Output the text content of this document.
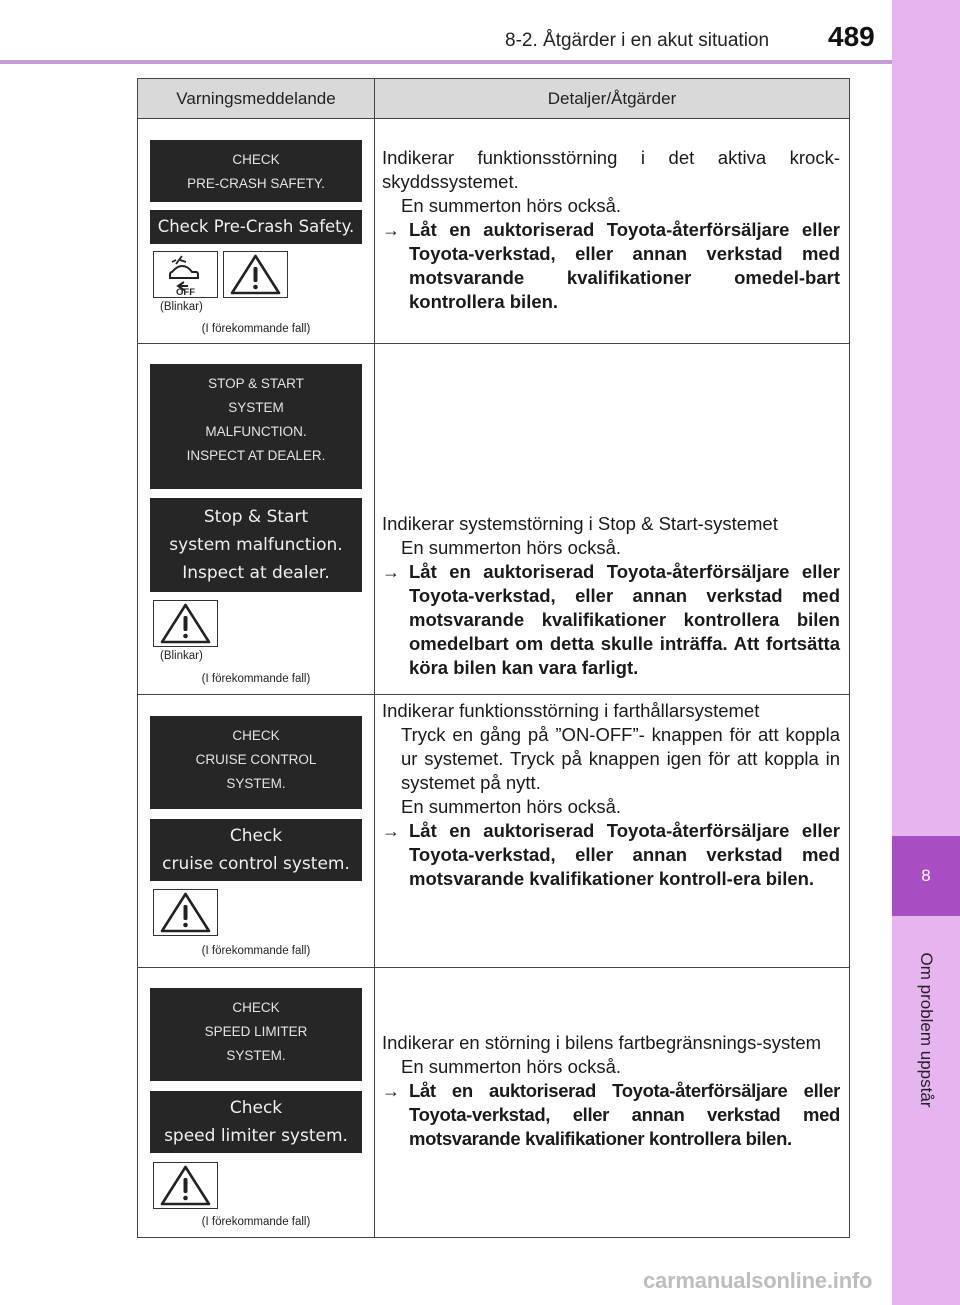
8-2. Åtgärder i en akut situation 489
8
Om problem uppstår
Varningsmeddelande	Detaljer/Åtgärder
CHECK
PRE-CRASH SAFETY.
Check Pre-Crash Safety.
OFF
(Blinkar)
(I förekommande fall)
Indikerar funktionsstörning i det aktiva krock-skyddssystemet.
En summerton hörs också.
→ Låt en auktoriserad Toyota-återförsäljare eller Toyota-verkstad, eller annan verkstad med motsvarande kvalifikationer omedel-bart kontrollera bilen.
STOP & START
SYSTEM
MALFUNCTION.
INSPECT AT DEALER.
Stop & Start
system malfunction.
Inspect at dealer.
(Blinkar)
(I förekommande fall)
Indikerar systemstörning i Stop & Start-systemet
En summerton hörs också.
→ Låt en auktoriserad Toyota-återförsäljare eller Toyota-verkstad, eller annan verkstad med motsvarande kvalifikationer kontrollera bilen omedelbart om detta skulle inträffa. Att fortsätta köra bilen kan vara farligt.
CHECK
CRUISE CONTROL
SYSTEM.
Check
cruise control system.
(I förekommande fall)
Indikerar funktionsstörning i farthållarsystemet
Tryck en gång på ”ON-OFF”- knappen för att koppla ur systemet. Tryck på knappen igen för att koppla in systemet på nytt.
En summerton hörs också.
→ Låt en auktoriserad Toyota-återförsäljare eller Toyota-verkstad, eller annan verkstad med motsvarande kvalifikationer kontroll-era bilen.
CHECK
SPEED LIMITER
SYSTEM.
Check
speed limiter system.
(I förekommande fall)
Indikerar en störning i bilens fartbegränsnings-system
En summerton hörs också.
→ Låt en auktoriserad Toyota-återförsäljare eller Toyota-verkstad, eller annan verkstad med motsvarande kvalifikationer kontrollera bilen.
carmanualsonline.info
